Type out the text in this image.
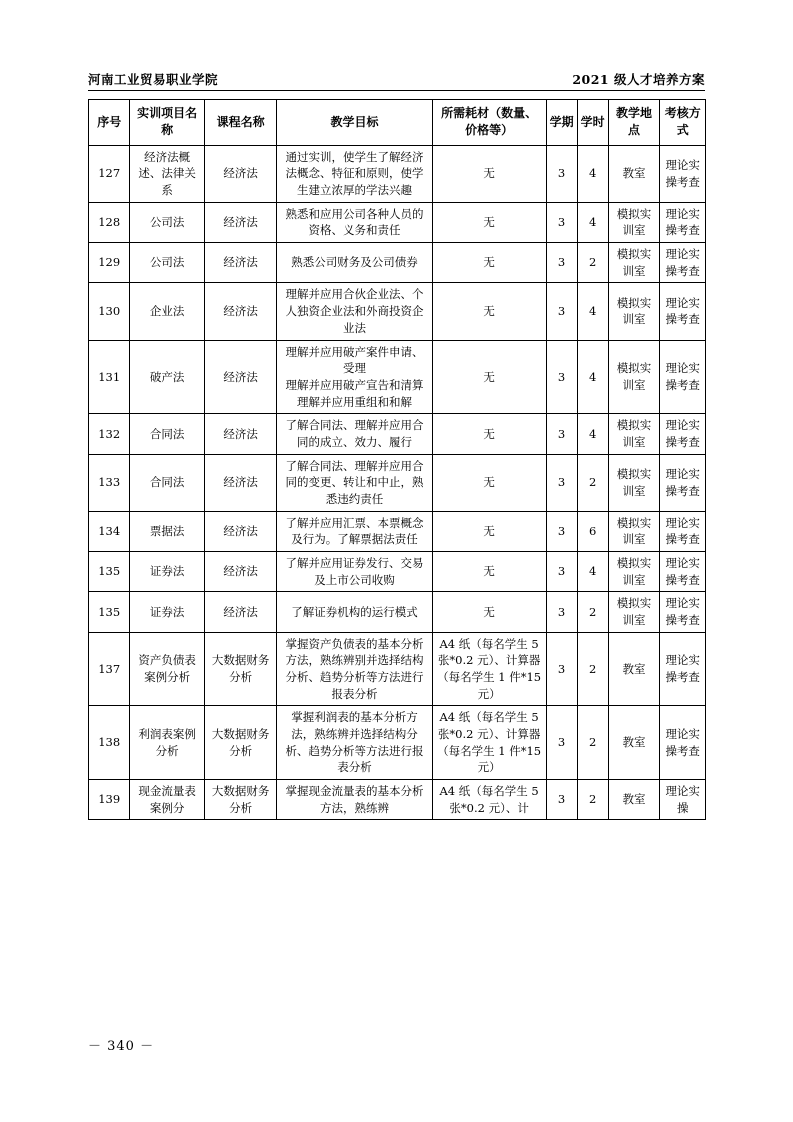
河南工业贸易职业学院	2021 级人才培养方案
序号	实训项目名称	课程名称	教学目标	所需耗材（数量、价格等）	学期	学时	教学地点	考核方式
127	经济法概述、法律关系	经济法	通过实训，使学生了解经济法概念、特征和原则，使学生建立浓厚的学法兴趣	无	3	4	教室	理论实操考查
128	公司法	经济法	熟悉和应用公司各种人员的资格、义务和责任	无	3	4	模拟实训室	理论实操考查
129	公司法	经济法	熟悉公司财务及公司债券	无	3	2	模拟实训室	理论实操考查
130	企业法	经济法	理解并应用合伙企业法、个人独资企业法和外商投资企业法	无	3	4	模拟实训室	理论实操考查
131	破产法	经济法	理解并应用破产案件申请、受理
理解并应用破产宣告和清算
理解并应用重组和和解	无	3	4	模拟实训室	理论实操考查
132	合同法	经济法	了解合同法、理解并应用合同的成立、效力、履行	无	3	4	模拟实训室	理论实操考查
133	合同法	经济法	了解合同法、理解并应用合同的变更、转让和中止，熟悉违约责任	无	3	2	模拟实训室	理论实操考查
134	票据法	经济法	了解并应用汇票、本票概念及行为。了解票据法责任	无	3	6	模拟实训室	理论实操考查
135	证券法	经济法	了解并应用证券发行、交易及上市公司收购	无	3	4	模拟实训室	理论实操考查
135	证券法	经济法	了解证券机构的运行模式	无	3	2	模拟实训室	理论实操考查
137	资产负债表案例分析	大数据财务分析	掌握资产负债表的基本分析方法，熟练辨别并选择结构分析、趋势分析等方法进行报表分析	A4 纸（每名学生 5 张*0.2 元）、计算器（每名学生 1 件*15 元）	3	2	教室	理论实操考查
138	利润表案例分析	大数据财务分析	掌握利润表的基本分析方法，熟练辨并选择结构分析、趋势分析等方法进行报表分析	A4 纸（每名学生 5 张*0.2 元）、计算器（每名学生 1 件*15 元）	3	2	教室	理论实操考查
139	现金流量表案例分	大数据财务分析	掌握现金流量表的基本分析方法，熟练辨	A4 纸（每名学生 5 张*0.2 元）、计	3	2	教室	理论实操
－ 340 －
